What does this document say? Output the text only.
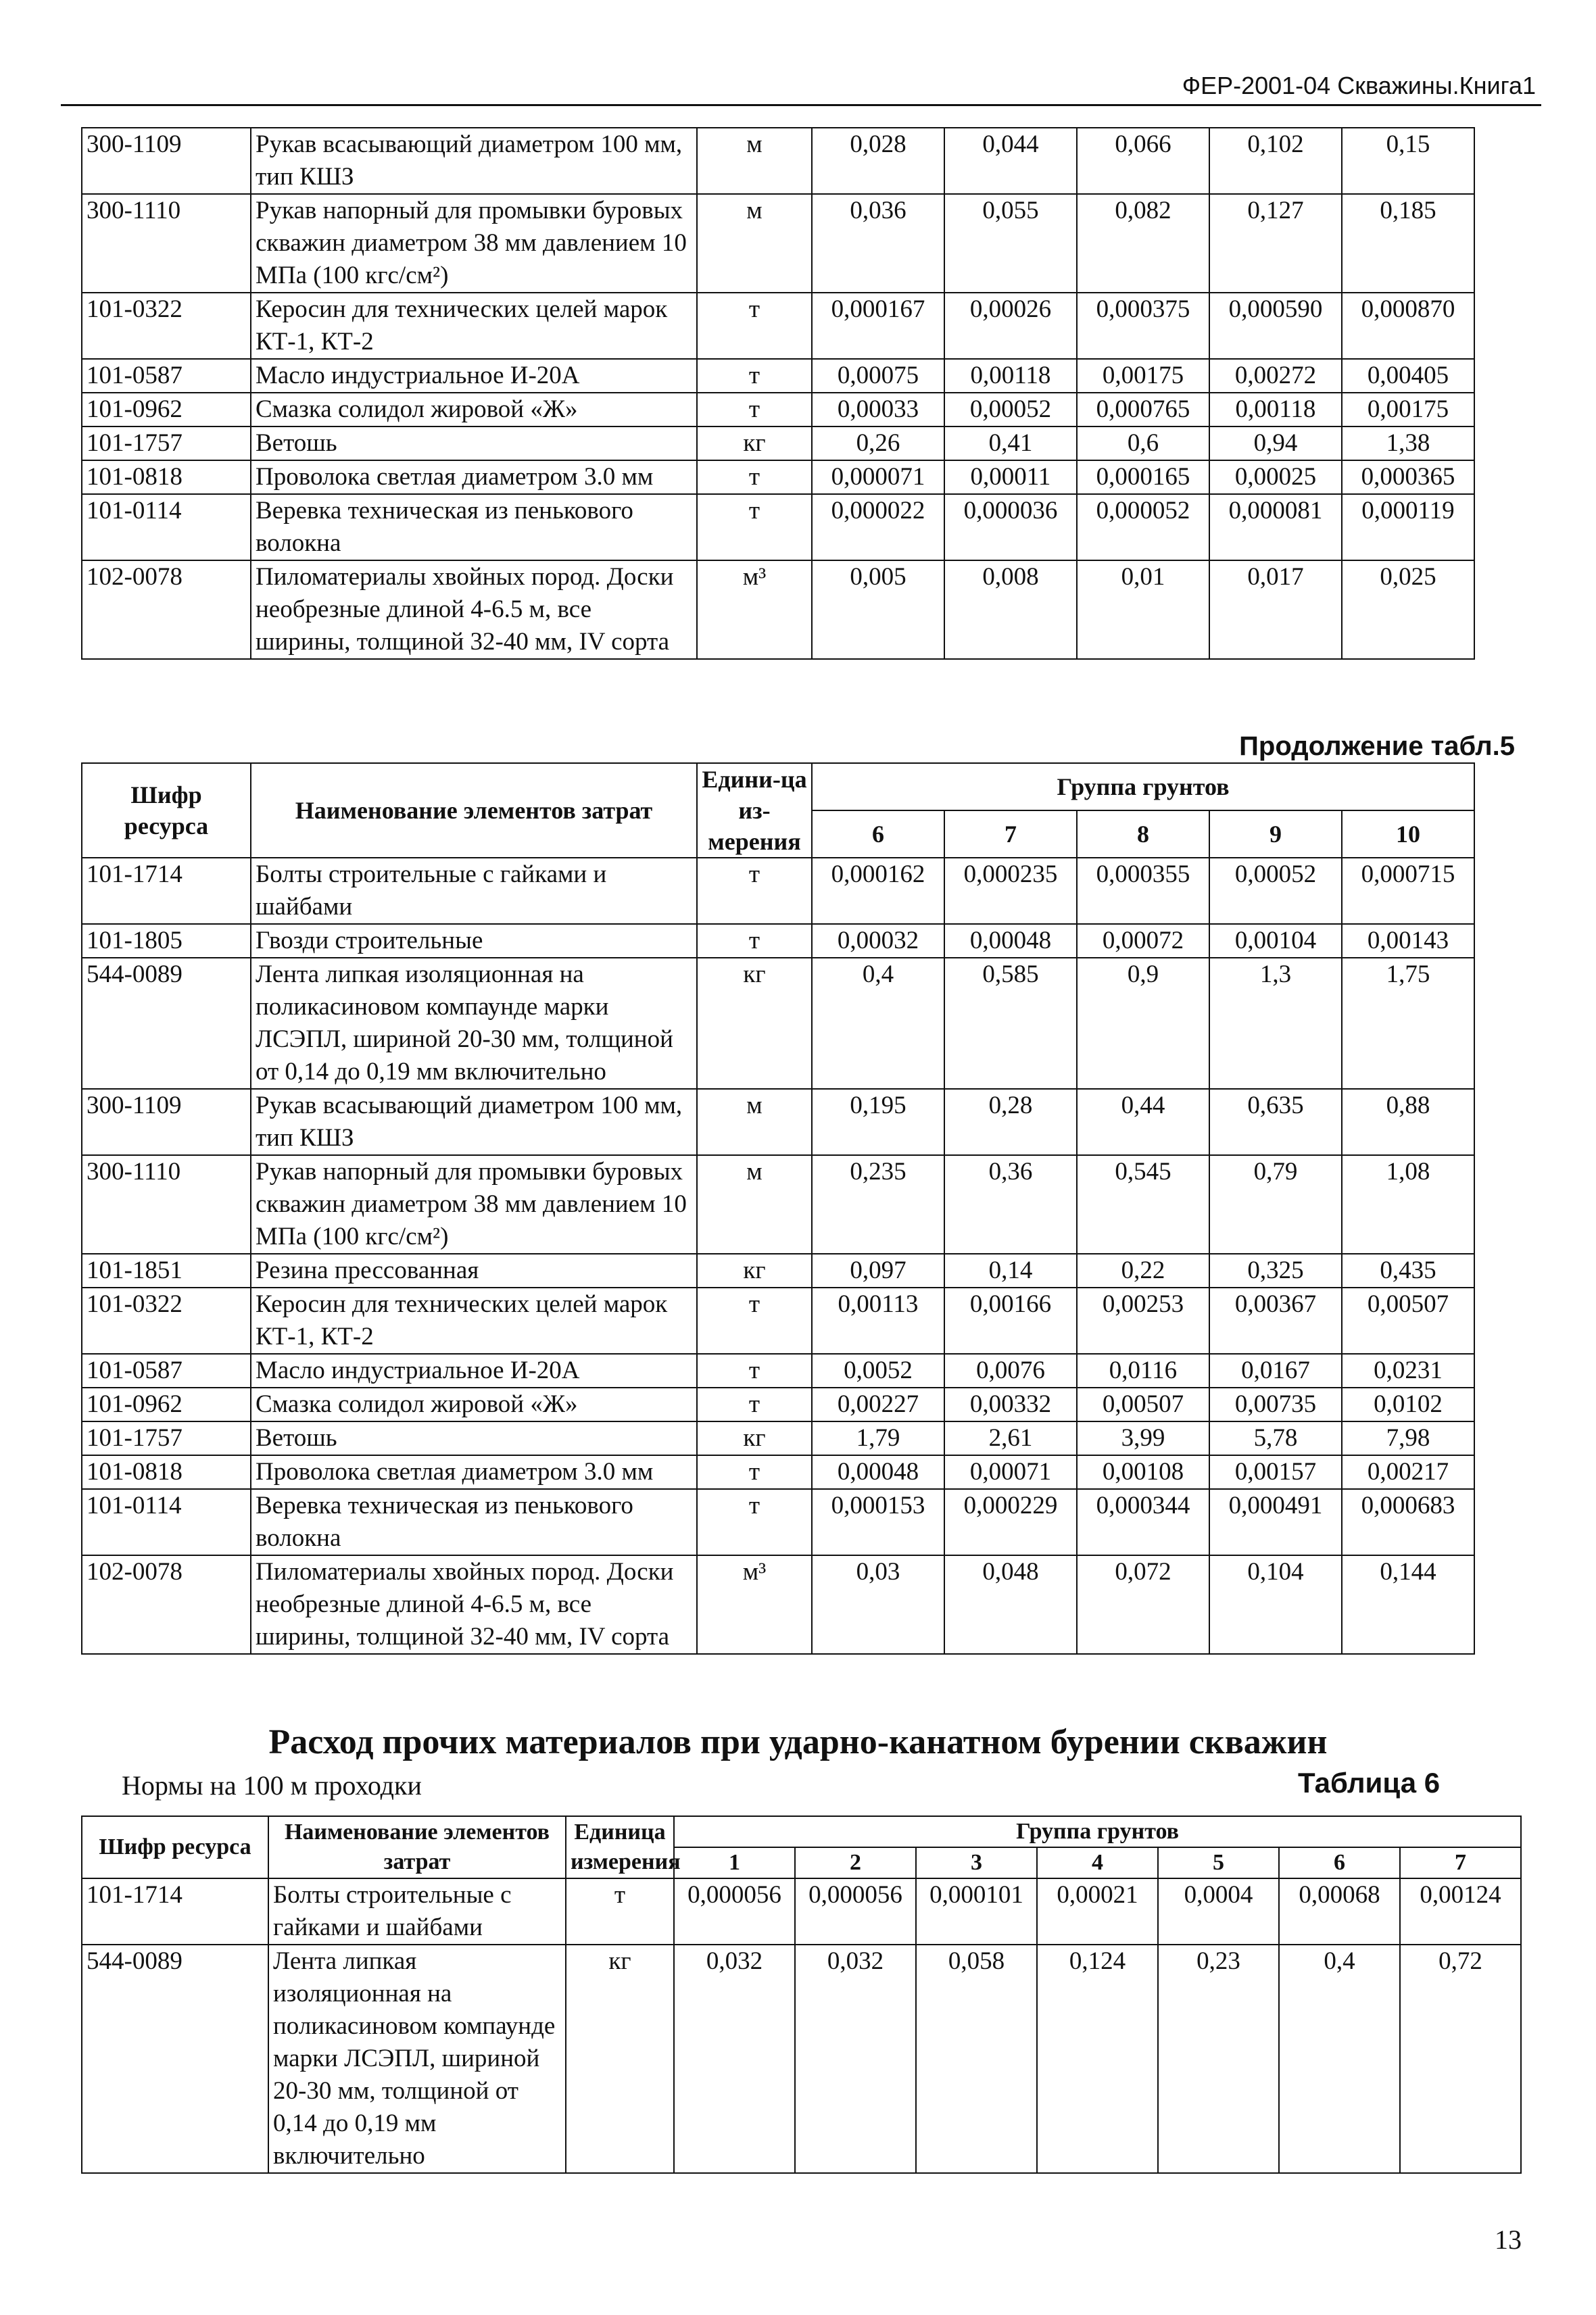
ФЕР-2001-04 Скважины.Книга1
300-1109	Рукав всасывающий диаметром 100 мм, тип КШЗ	м	0,028	0,044	0,066	0,102	0,15
300-1110	Рукав напорный для промывки буровых скважин диаметром 38 мм давлением 10 МПа (100 кгс/см²)	м	0,036	0,055	0,082	0,127	0,185
101-0322	Керосин для технических целей марок КТ-1, КТ-2	т	0,000167	0,00026	0,000375	0,000590	0,000870
101-0587	Масло индустриальное И-20А	т	0,00075	0,00118	0,00175	0,00272	0,00405
101-0962	Смазка солидол жировой «Ж»	т	0,00033	0,00052	0,000765	0,00118	0,00175
101-1757	Ветошь	кг	0,26	0,41	0,6	0,94	1,38
101-0818	Проволока светлая диаметром 3.0 мм	т	0,000071	0,00011	0,000165	0,00025	0,000365
101-0114	Веревка техническая из пенькового волокна	т	0,000022	0,000036	0,000052	0,000081	0,000119
102-0078	Пиломатериалы хвойных пород. Доски необрезные длиной 4-6.5 м, все ширины, толщиной 32-40 мм, IV сорта	м³	0,005	0,008	0,01	0,017	0,025
Продолжение табл.5
Шифр ресурса	Наименование элементов затрат	Едини-ца из-мерения	Группа грунтов				
			6	7	8	9	10
101-1714	Болты строительные с гайками и шайбами	т	0,000162	0,000235	0,000355	0,00052	0,000715
101-1805	Гвозди строительные	т	0,00032	0,00048	0,00072	0,00104	0,00143
544-0089	Лента липкая изоляционная на поликасиновом компаунде марки ЛСЭПЛ, шириной 20-30 мм, толщиной от 0,14 до 0,19 мм включительно	кг	0,4	0,585	0,9	1,3	1,75
300-1109	Рукав всасывающий диаметром 100 мм, тип КШЗ	м	0,195	0,28	0,44	0,635	0,88
300-1110	Рукав напорный для промывки буровых скважин диаметром 38 мм давлением 10 МПа (100 кгс/см²)	м	0,235	0,36	0,545	0,79	1,08
101-1851	Резина прессованная	кг	0,097	0,14	0,22	0,325	0,435
101-0322	Керосин для технических целей марок КТ-1, КТ-2	т	0,00113	0,00166	0,00253	0,00367	0,00507
101-0587	Масло индустриальное И-20А	т	0,0052	0,0076	0,0116	0,0167	0,0231
101-0962	Смазка солидол жировой «Ж»	т	0,00227	0,00332	0,00507	0,00735	0,0102
101-1757	Ветошь	кг	1,79	2,61	3,99	5,78	7,98
101-0818	Проволока светлая диаметром 3.0 мм	т	0,00048	0,00071	0,00108	0,00157	0,00217
101-0114	Веревка техническая из пенькового волокна	т	0,000153	0,000229	0,000344	0,000491	0,000683
102-0078	Пиломатериалы хвойных пород. Доски необрезные длиной 4-6.5 м, все ширины, толщиной 32-40 мм, IV сорта	м³	0,03	0,048	0,072	0,104	0,144
Расход прочих материалов при ударно-канатном бурении скважин
Нормы на 100 м проходки	Таблица 6
Шифр ресурса	Наименование элементов затрат	Единица измерения	Группа грунтов						
			1	2	3	4	5	6	7
101-1714	Болты строительные с гайками и шайбами	т	0,000056	0,000056	0,000101	0,00021	0,0004	0,00068	0,00124
544-0089	Лента липкая изоляционная на поликасиновом компаунде марки ЛСЭПЛ, шириной 20-30 мм, толщиной от 0,14 до 0,19 мм включительно	кг	0,032	0,032	0,058	0,124	0,23	0,4	0,72
13
